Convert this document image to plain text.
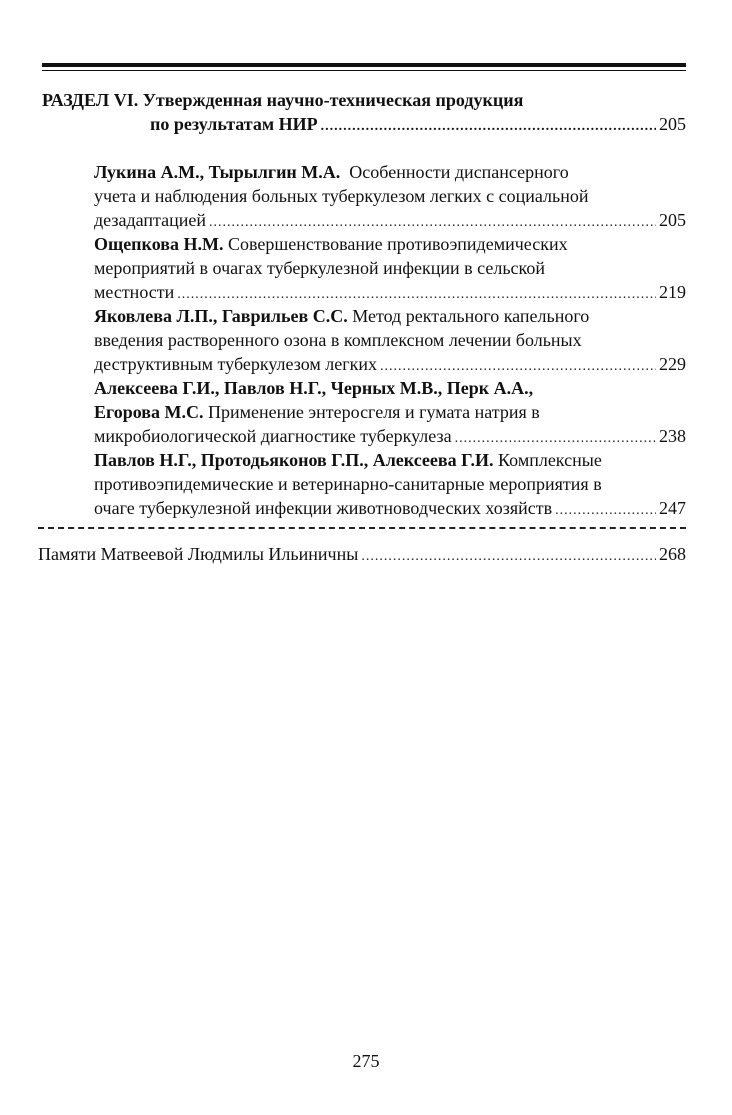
РАЗДЕЛ VI. Утвержденная научно-техническая продукция
по результатам НИР .....	205
Лукина А.М., Тырылгин М.А.  Особенности диспансерного
учета и наблюдения больных туберкулезом легких с социальной
дезадаптацией .....	205
Ощепкова Н.М. Совершенствование противоэпидемических
мероприятий в очагах туберкулезной инфекции в сельской
местности .....	219
Яковлева Л.П., Гаврильев С.С. Метод ректального капельного
введения растворенного озона в комплексном лечении больных
деструктивным туберкулезом легких .....	229
Алексеева Г.И., Павлов Н.Г., Черных М.В., Перк А.А.,
Егорова М.С. Применение энтеросгеля и гумата натрия в
микробиологической диагностике туберкулеза .....	238
Павлов Н.Г., Протодьяконов Г.П., Алексеева Г.И. Комплексные
противоэпидемические и ветеринарно-санитарные мероприятия в
очаге туберкулезной инфекции животноводческих хозяйств .....	247
Памяти Матвеевой Людмилы Ильиничны .....	268
275
